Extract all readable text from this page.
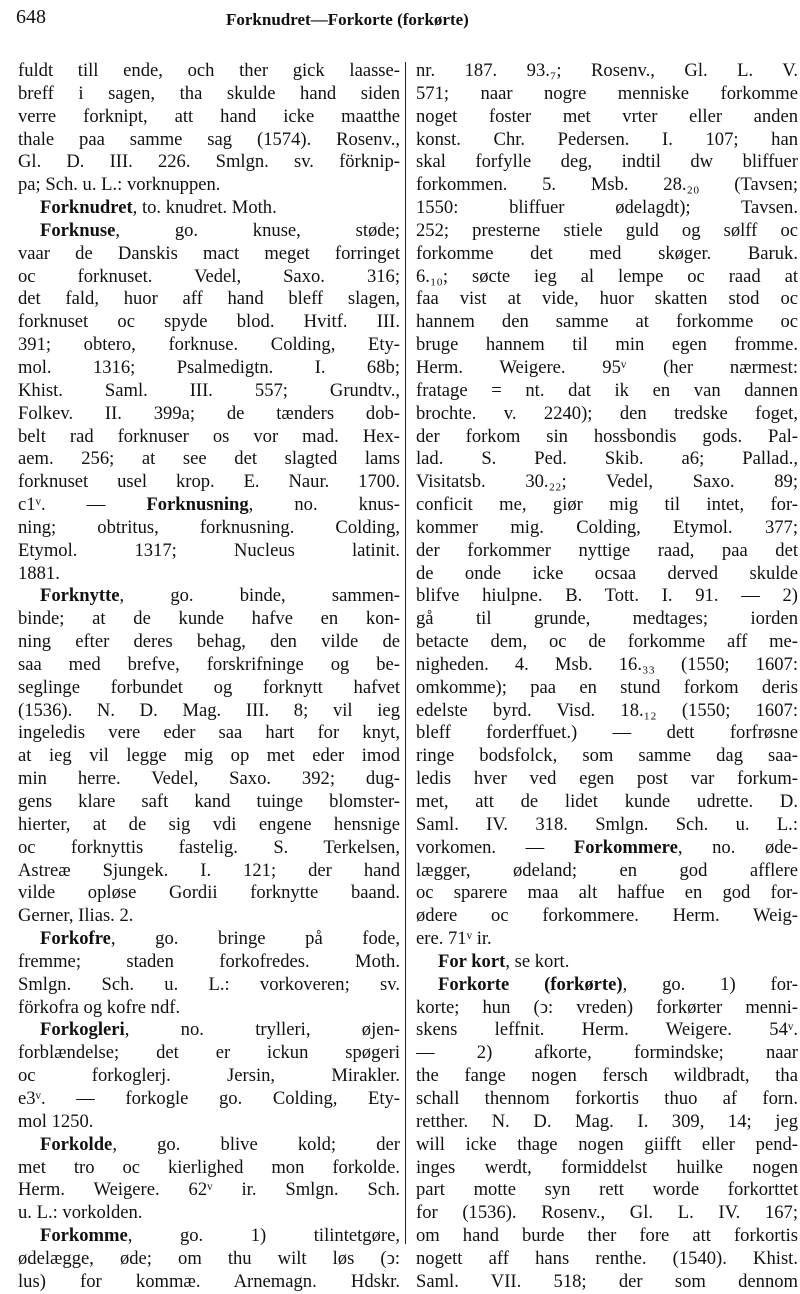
648	Forknudret—Forkorte (forkørte)
fuldt till ende, och ther gick laasse-
breff i sagen, tha skulde hand siden
verre forknipt, att hand icke maatthe
thale paa samme sag (1574). Rosenv.,
Gl. D. III. 226. Smlgn. sv. förknip-
pa; Sch. u. L.: vorknuppen.
Forknudret, to. knudret. Moth.
Forknuse, go. knuse, støde;
vaar de Danskis mact meget forringet
oc forknuset. Vedel, Saxo. 316;
det fald, huor aff hand bleff slagen,
forknuset oc spyde blod. Hvitf. III.
391; obtero, forknuse. Colding, Ety-
mol. 1316; Psalmedigtn. I. 68b;
Khist. Saml. III. 557; Grundtv.,
Folkev. II. 399a; de tænders dob-
belt rad forknuser os vor mad. Hex-
aem. 256; at see det slagted lams
forknuset usel krop. E. Naur. 1700.
c1ᵛ. — Forknusning, no. knus-
ning; obtritus, forknusning. Colding,
Etymol. 1317; Nucleus latinit.
1881.
Forknytte, go. binde, sammen-
binde; at de kunde hafve en kon-
ning efter deres behag, den vilde de
saa med brefve, forskrifninge og be-
seglinge forbundet og forknytt hafvet
(1536). N. D. Mag. III. 8; vil ieg
ingeledis vere eder saa hart for knyt,
at ieg vil legge mig op met eder imod
min herre. Vedel, Saxo. 392; dug-
gens klare saft kand tuinge blomster-
hierter, at de sig vdi engene hensnige
oc forknyttis fastelig. S. Terkelsen,
Astreæ Sjungek. I. 121; der hand
vilde opløse Gordii forknytte baand.
Gerner, Ilias. 2.
Forkofre, go. bringe på fode,
fremme; staden forkofredes. Moth.
Smlgn. Sch. u. L.: vorkoveren; sv.
förkofra og kofre ndf.
Forkogleri, no. trylleri, øjen-
forblændelse; det er ickun spøgeri
oc forkoglerj. Jersin, Mirakler.
e3ᵛ. — forkogle go. Colding, Ety-
mol 1250.
Forkolde, go. blive kold; der
met tro oc kierlighed mon forkolde.
Herm. Weigere. 62ᵛ ir. Smlgn. Sch.
u. L.: vorkolden.
Forkomme, go. 1) tilintetgøre,
ødelægge, øde; om thu wilt løs (ↄ:
lus) for kommæ. Arnemagn. Hdskr.
nr. 187. 93.₇; Rosenv., Gl. L. V.
571; naar nogre menniske forkomme
noget foster met vrter eller anden
konst. Chr. Pedersen. I. 107; han
skal forfylle deg, indtil dw bliffuer
forkommen. 5. Msb. 28.₂₀ (Tavsen;
1550: bliffuer ødelagdt); Tavsen.
252; presterne stiele guld og sølff oc
forkomme det med skøger. Baruk.
6.₁₀; søcte ieg al lempe oc raad at
faa vist at vide, huor skatten stod oc
hannem den samme at forkomme oc
bruge hannem til min egen fromme.
Herm. Weigere. 95ᵛ (her nærmest:
fratage = nt. dat ik en van dannen
brochte. v. 2240); den tredske foget,
der forkom sin hossbondis gods. Pal-
lad. S. Ped. Skib. a6; Pallad.,
Visitatsb. 30.₂₂; Vedel, Saxo. 89;
conficit me, giør mig til intet, for-
kommer mig. Colding, Etymol. 377;
der forkommer nyttige raad, paa det
de onde icke ocsaa derved skulde
blifve hiulpne. B. Tott. I. 91. — 2)
gå til grunde, medtages; iorden
betacte dem, oc de forkomme aff me-
nigheden. 4. Msb. 16.₃₃ (1550; 1607:
omkomme); paa en stund forkom deris
edelste byrd. Visd. 18.₁₂ (1550; 1607:
bleff forderffuet.) — dett forfrøsne
ringe bodsfolck, som samme dag saa-
ledis hver ved egen post var forkum-
met, att de lidet kunde udrette. D.
Saml. IV. 318. Smlgn. Sch. u. L.:
vorkomen. — Forkommere, no. øde-
lægger, ødeland; en god afflere
oc sparere maa alt haffue en god for-
ødere oc forkommere. Herm. Weig-
ere. 71ᵛ ir.
For kort, se kort.
Forkorte (forkørte), go. 1) for-
korte; hun (ↄ: vreden) forkørter menni-
skens leffnit. Herm. Weigere. 54ᵛ.
— 2) afkorte, formindske; naar
the fange nogen fersch wildbradt, tha
schall thennom forkortis thuo af forn.
retther. N. D. Mag. I. 309, 14; jeg
will icke thage nogen giifft eller pend-
inges werdt, formiddelst huilke nogen
part motte syn rett worde forkorttet
for (1536). Rosenv., Gl. L. IV. 167;
om hand burde ther fore att forkortis
nogett aff hans renthe. (1540). Khist.
Saml. VII. 518; der som dennom
